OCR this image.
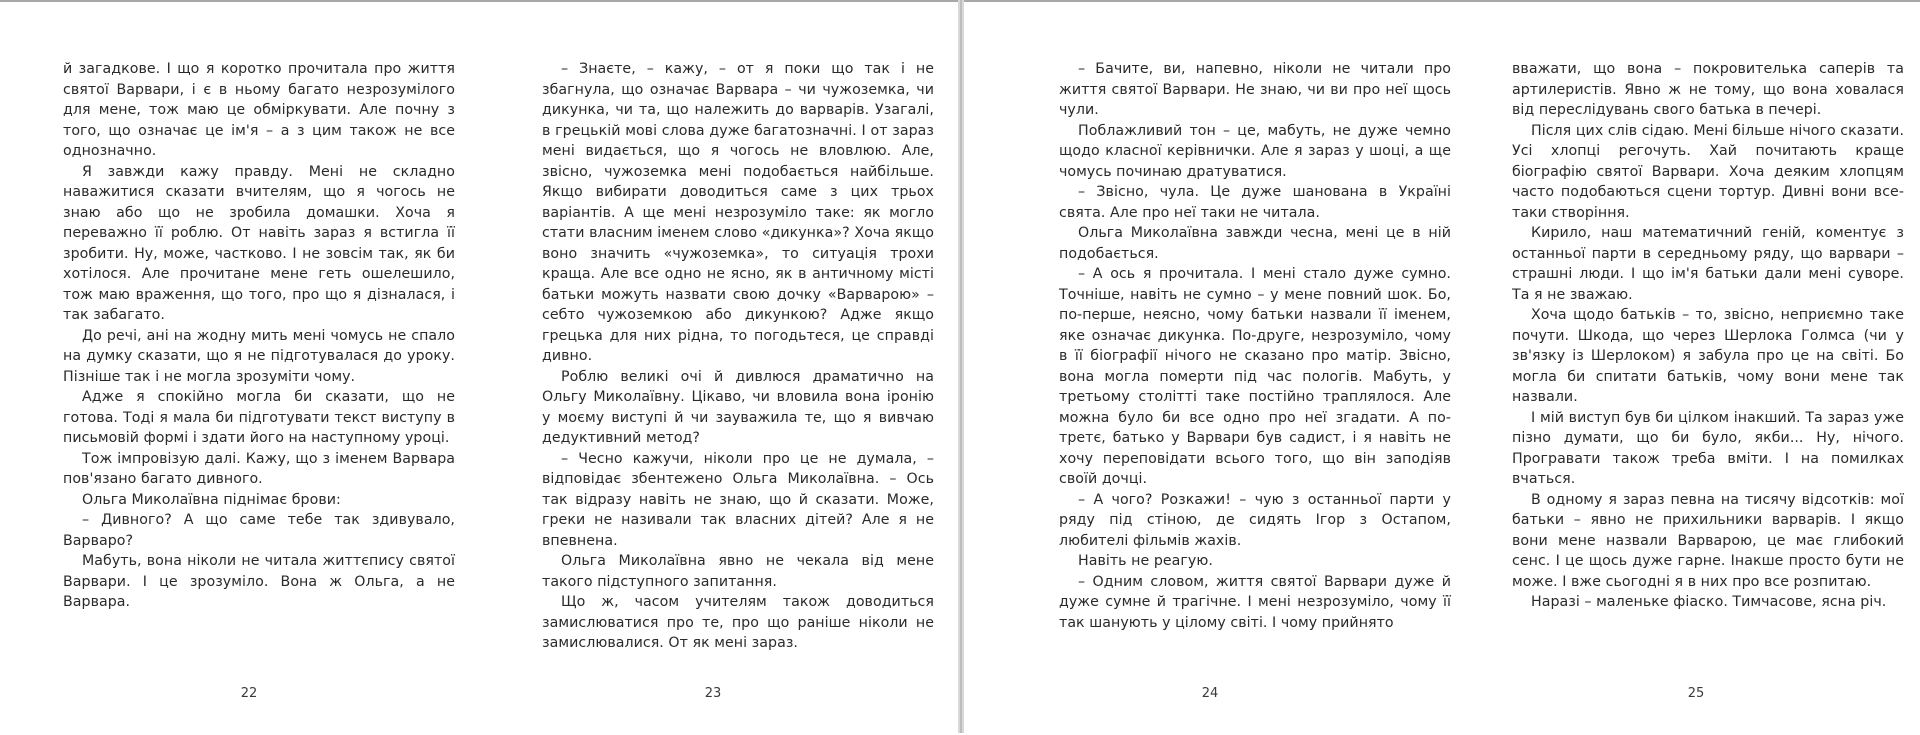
й загадкове. І що я коротко прочитала про життя святої Варвари, і є в ньому багато незрозумілого для мене, тож маю це обміркувати. Але почну з того, що означає це ім'я – а з цим також не все однозначно.

Я завжди кажу правду. Мені не складно наважитися сказати вчителям, що я чогось не знаю або що не зробила домашки. Хоча я переважно її роблю. От навіть зараз я встигла її зробити. Ну, може, частково. І не зовсім так, як би хотілося. Але прочитане мене геть ошелешило, тож маю враження, що того, про що я дізналася, і так забагато.

До речі, ані на жодну мить мені чомусь не спало на думку сказати, що я не підготувалася до уроку. Пізніше так і не могла зрозуміти чому.

Адже я спокійно могла би сказати, що не готова. Тоді я мала би підготувати текст виступу в письмовій формі і здати його на наступному уроці.

Тож імпровізую далі. Кажу, що з іменем Варвара пов'язано багато дивного.

Ольга Миколаївна піднімає брови:

– Дивного? А що саме тебе так здивувало, Варваро?

Мабуть, вона ніколи не читала життєпису святої Варвари. І це зрозуміло. Вона ж Ольга, а не Варвара.

22

– Знаєте, – кажу, – от я поки що так і не збагнула, що означає Варвара – чи чужоземка, чи дикунка, чи та, що належить до варварів. Узагалі, в грецькій мові слова дуже багатозначні. І от зараз мені видається, що я чогось не вловлюю. Але, звісно, чужоземка мені подобається найбільше. Якщо вибирати доводиться саме з цих трьох варіантів. А ще мені незрозуміло таке: як могло стати власним іменем слово «дикунка»? Хоча якщо воно значить «чужоземка», то ситуація трохи краща. Але все одно не ясно, як в античному місті батьки можуть назвати свою дочку «Варварою» – себто чужоземкою або дикункою? Адже якщо грецька для них рідна, то погодьтеся, це справді дивно.

Роблю великі очі й дивлюся драматично на Ольгу Миколаївну. Цікаво, чи вловила вона іронію у моєму виступі й чи зауважила те, що я вивчаю дедуктивний метод?

– Чесно кажучи, ніколи про це не думала, – відповідає збентежено Ольга Миколаївна. – Ось так відразу навіть не знаю, що й сказати. Може, греки не називали так власних дітей? Але я не впевнена.

Ольга Миколаївна явно не чекала від мене такого підступного запитання.

Що ж, часом учителям також доводиться замислюватися про те, про що раніше ніколи не замислювалися. От як мені зараз.

23

– Бачите, ви, напевно, ніколи не читали про життя святої Варвари. Не знаю, чи ви про неї щось чули.

Поблажливий тон – це, мабуть, не дуже чемно щодо класної керівнички. Але я зараз у шоці, а ще чомусь починаю дратуватися.

– Звісно, чула. Це дуже шанована в Україні свята. Але про неї таки не читала.

Ольга Миколаївна завжди чесна, мені це в ній подобається.

– А ось я прочитала. І мені стало дуже сумно. Точніше, навіть не сумно – у мене повний шок. Бо, по-перше, неясно, чому батьки назвали її іменем, яке означає дикунка. По-друге, незрозуміло, чому в її біографії нічого не сказано про матір. Звісно, вона могла померти під час пологів. Мабуть, у третьому столітті таке постійно траплялося. Але можна було би все одно про неї згадати. А по-третє, батько у Варвари був садист, і я навіть не хочу переповідати всього того, що він заподіяв своїй дочці.

– А чого? Розкажи! – чую з останньої парти у ряду під стіною, де сидять Ігор з Остапом, любителі фільмів жахів.

Навіть не реагую.

– Одним словом, життя святої Варвари дуже й дуже сумне й трагічне. І мені незрозуміло, чому її так шанують у цілому світі. І чому прийнято

24

вважати, що вона – покровителька саперів та артилеристів. Явно ж не тому, що вона ховалася від переслідувань свого батька в печері.

Після цих слів сідаю. Мені більше нічого сказати. Усі хлопці регочуть. Хай почитають краще біографію святої Варвари. Хоча деяким хлопцям часто подобаються сцени тортур. Дивні вони все-таки створіння.

Кирило, наш математичний геній, коментує з останньої парти в середньому ряду, що варвари – страшні люди. І що ім'я батьки дали мені сувоpe. Та я не зважаю.

Хоча щодо батьків – то, звісно, неприємно таке почути. Шкода, що через Шерлока Голмса (чи у зв'язку із Шерлоком) я забула про це на світі. Бо могла би спитати батьків, чому вони мене так назвали.

І мій виступ був би цілком інакший. Та зараз уже пізно думати, що би було, якби... Ну, нічого. Програвати також треба вміти. І на помилках вчаться.

В одному я зараз певна на тисячу відсотків: мої батьки – явно не прихильники варварів. І якщо вони мене назвали Варварою, це має глибокий сенс. І це щось дуже гарне. Інакше просто бути не може. І вже сьогодні я в них про все розпитаю.

Наразі – маленьке фіаско. Тимчасове, ясна річ.

25
